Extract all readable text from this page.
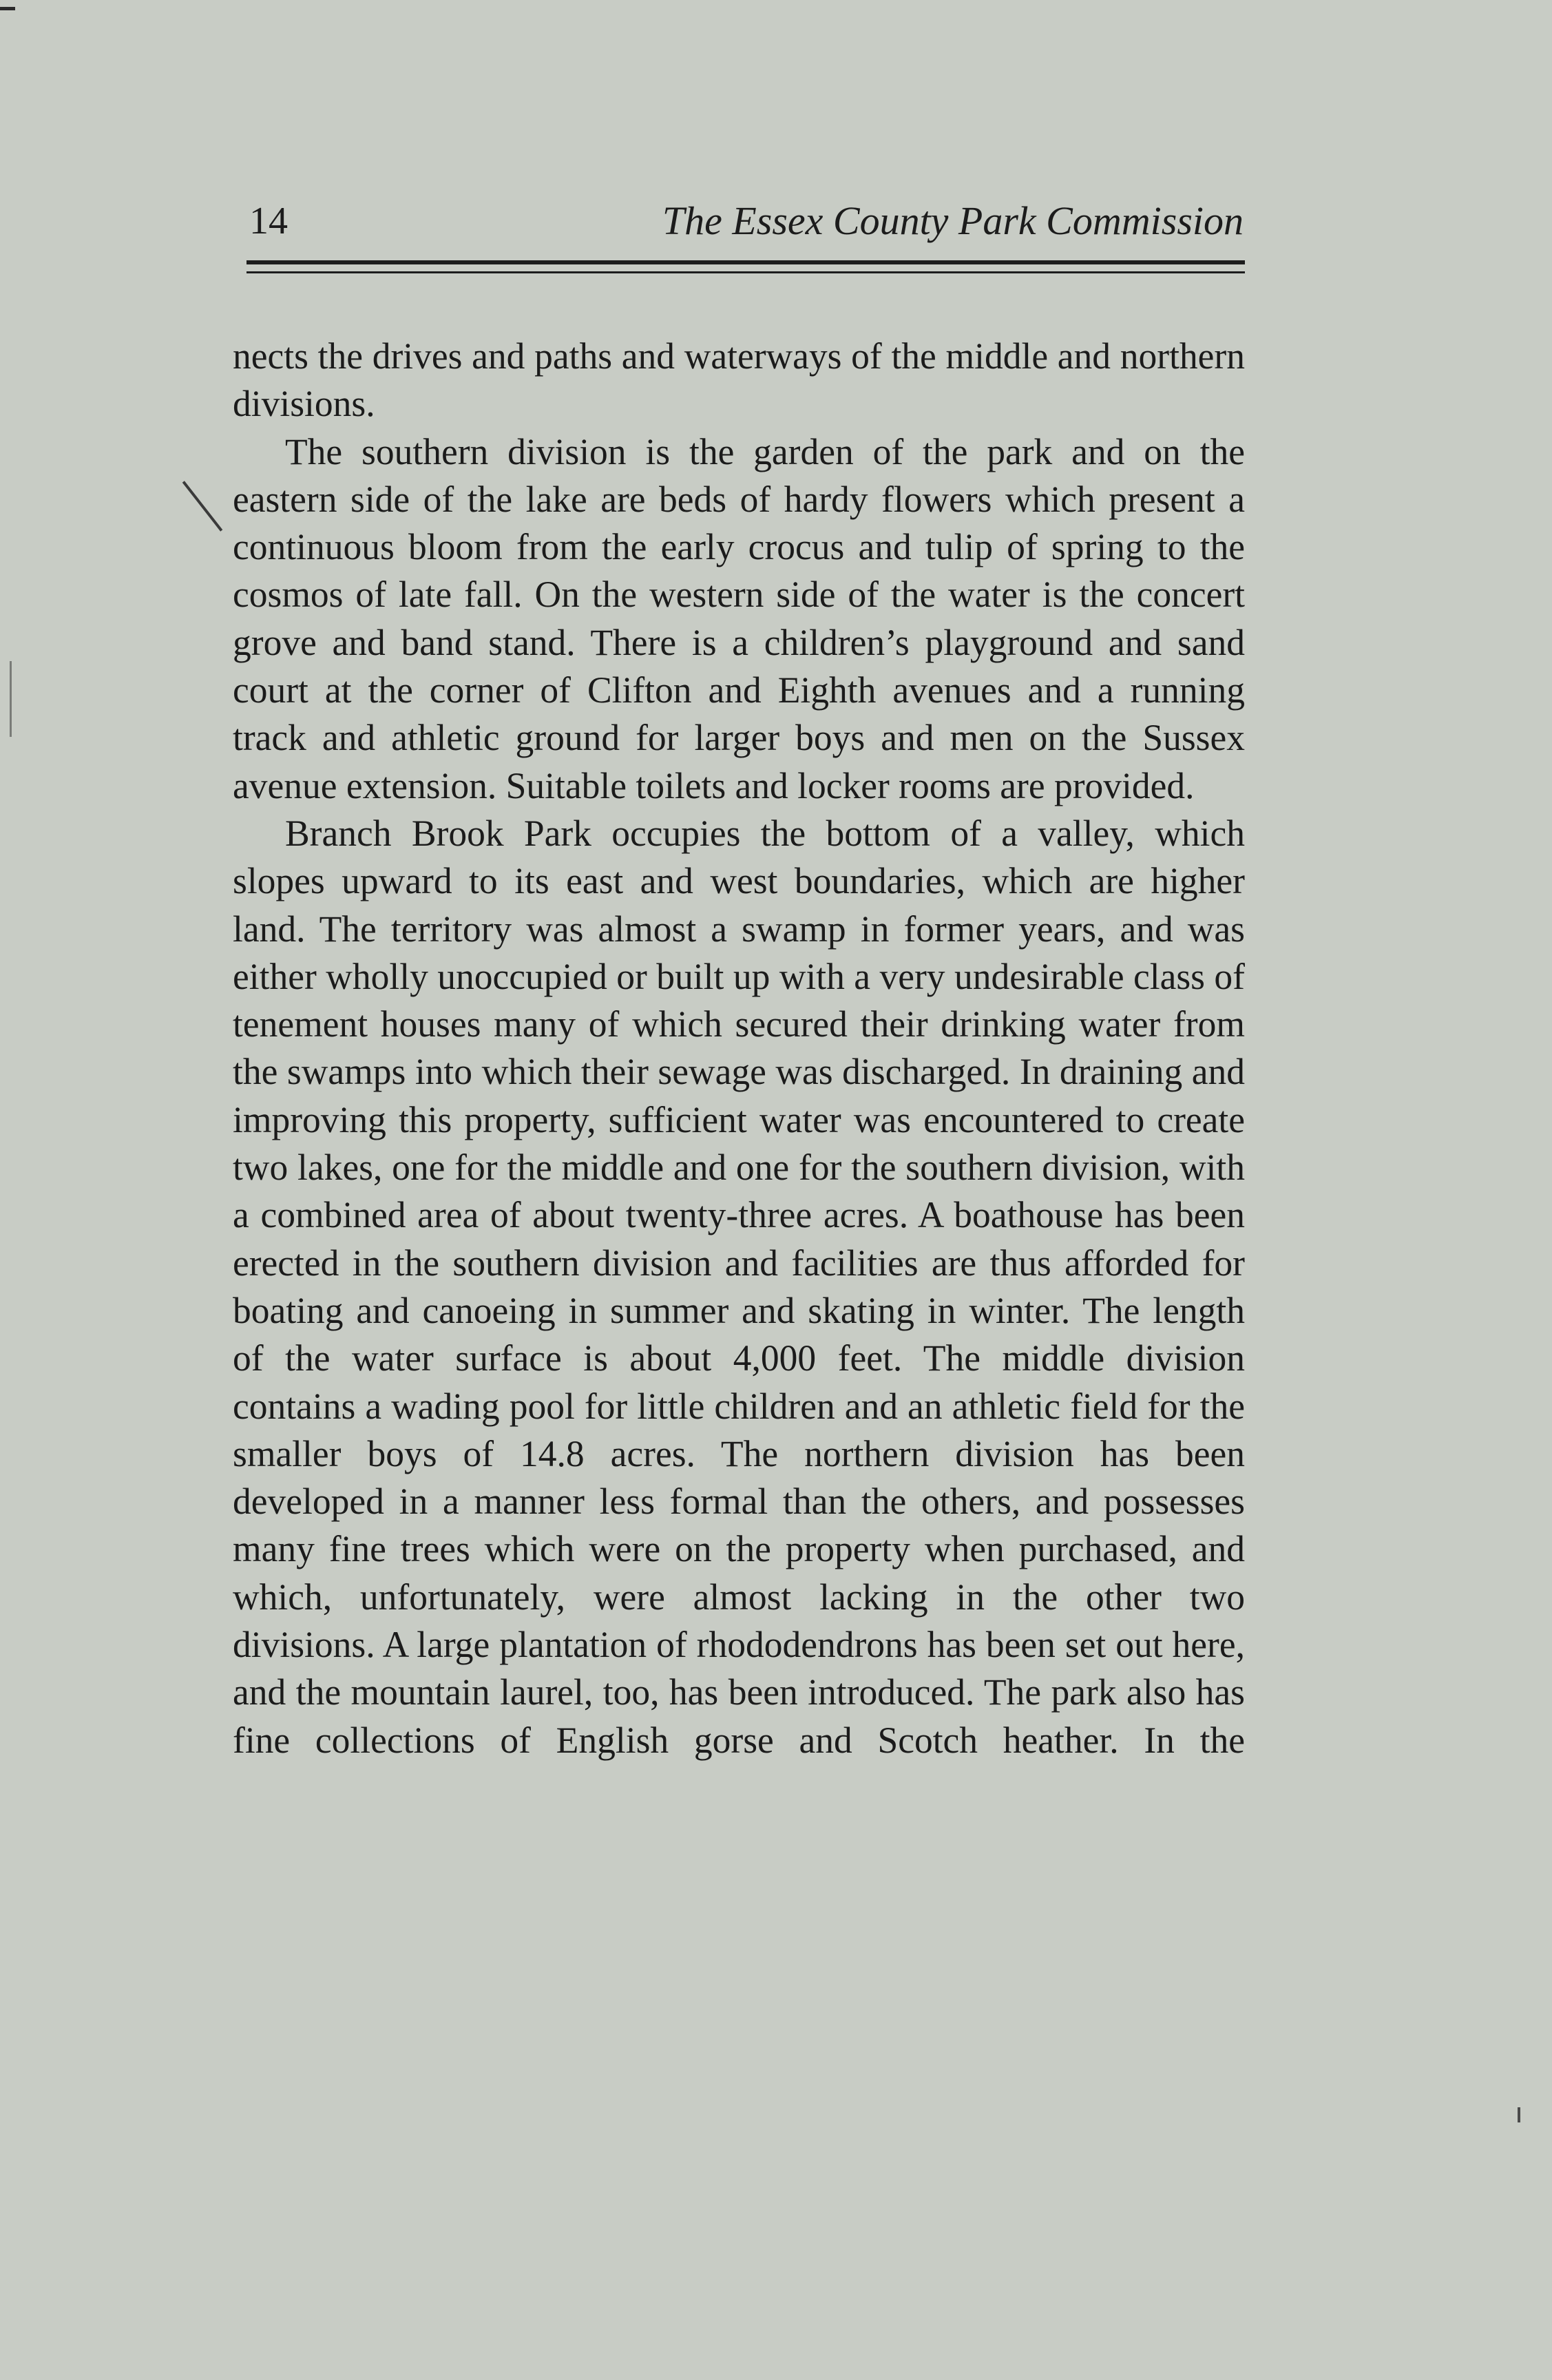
14	The Essex County Park Commission

nects the drives and paths and waterways of the middle and northern divisions.

The southern division is the garden of the park and on the eastern side of the lake are beds of hardy flowers which present a continuous bloom from the early crocus and tulip of spring to the cosmos of late fall. On the western side of the water is the concert grove and band stand. There is a children’s playground and sand court at the corner of Clifton and Eighth avenues and a running track and athletic ground for larger boys and men on the Sussex avenue extension. Suitable toilets and locker rooms are provided.

Branch Brook Park occupies the bottom of a valley, which slopes upward to its east and west boundaries, which are higher land. The territory was almost a swamp in former years, and was either wholly unoccupied or built up with a very undesirable class of tenement houses many of which secured their drinking water from the swamps into which their sewage was discharged. In draining and improving this property, sufficient water was encountered to create two lakes, one for the middle and one for the southern division, with a combined area of about twenty-three acres. A boathouse has been erected in the southern division and facilities are thus afforded for boating and canoeing in summer and skating in winter. The length of the water surface is about 4,000 feet. The middle division contains a wading pool for little children and an athletic field for the smaller boys of 14.8 acres. The northern division has been developed in a manner less formal than the others, and possesses many fine trees which were on the property when purchased, and which, unfortunately, were almost lacking in the other two divisions. A large plantation of rhododendrons has been set out here, and the mountain laurel, too, has been introduced. The park also has fine collections of English gorse and Scotch heather. In the
